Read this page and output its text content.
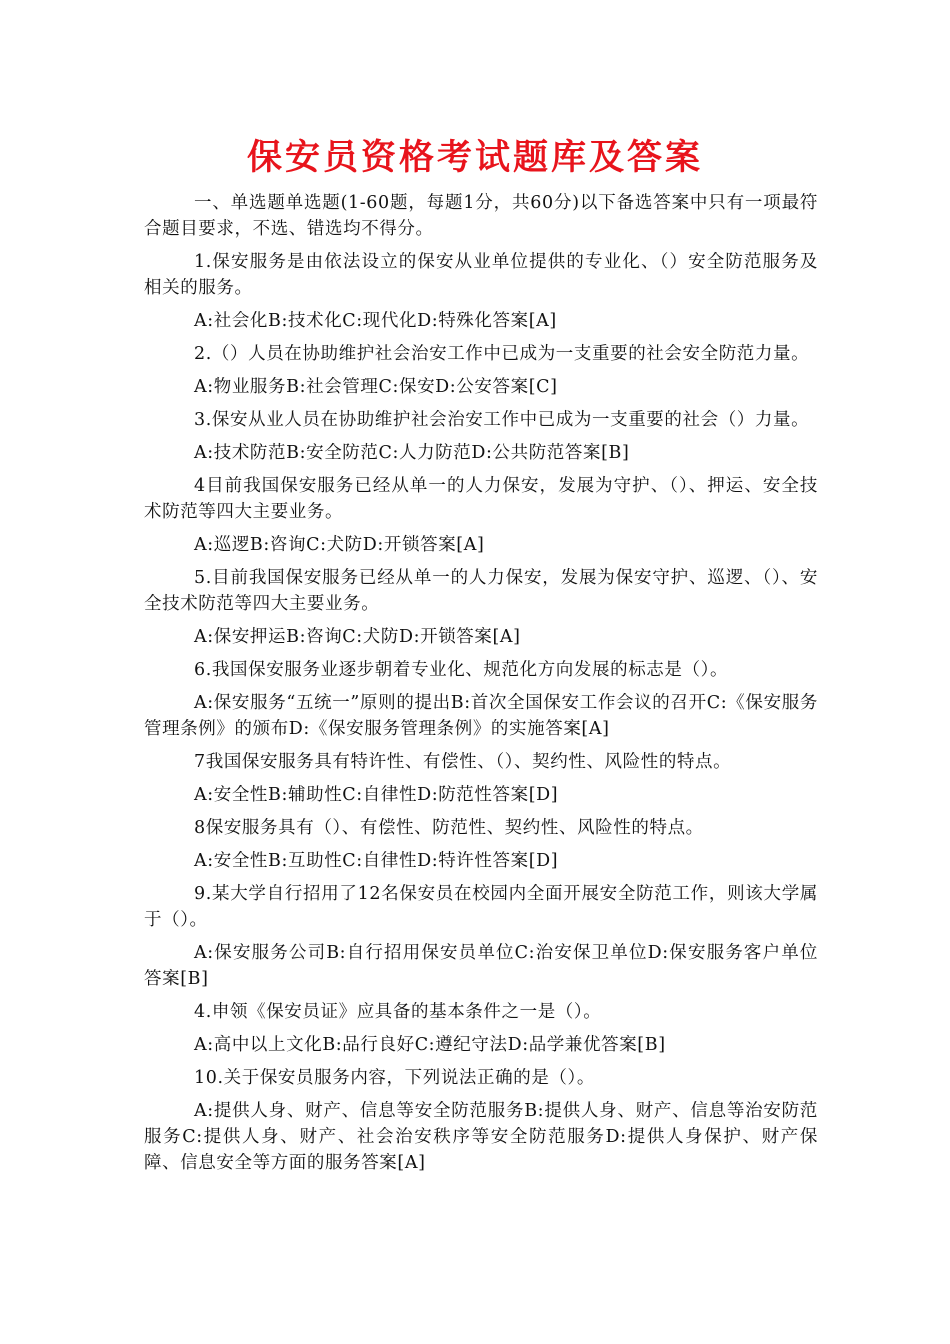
保安员资格考试题库及答案

一、单选题单选题(1-60题，每题1分，共60分)以下备选答案中只有一项最符合题目要求，不选、错选均不得分。

1.保安服务是由依法设立的保安从业单位提供的专业化、（）安全防范服务及相关的服务。

A:社会化B:技术化C:现代化D:特殊化答案[A]

2.（）人员在协助维护社会治安工作中已成为一支重要的社会安全防范力量。

A:物业服务B:社会管理C:保安D:公安答案[C]

3.保安从业人员在协助维护社会治安工作中已成为一支重要的社会（）力量。

A:技术防范B:安全防范C:人力防范D:公共防范答案[B]

4目前我国保安服务已经从单一的人力保安，发展为守护、（）、押运、安全技术防范等四大主要业务。

A:巡逻B:咨询C:犬防D:开锁答案[A]

5.目前我国保安服务已经从单一的人力保安，发展为保安守护、巡逻、（）、安全技术防范等四大主要业务。

A:保安押运B:咨询C:犬防D:开锁答案[A]

6.我国保安服务业逐步朝着专业化、规范化方向发展的标志是（）。

A:保安服务“五统一”原则的提出B:首次全国保安工作会议的召开C:《保安服务管理条例》的颁布D:《保安服务管理条例》的实施答案[A]

7我国保安服务具有特许性、有偿性、（）、契约性、风险性的特点。

A:安全性B:辅助性C:自律性D:防范性答案[D]

8保安服务具有（）、有偿性、防范性、契约性、风险性的特点。

A:安全性B:互助性C:自律性D:特许性答案[D]

9.某大学自行招用了12名保安员在校园内全面开展安全防范工作，则该大学属于（）。

A:保安服务公司B:自行招用保安员单位C:治安保卫单位D:保安服务客户单位答案[B]

4.申领《保安员证》应具备的基本条件之一是（）。

A:高中以上文化B:品行良好C:遵纪守法D:品学兼优答案[B]

10.关于保安员服务内容，下列说法正确的是（）。

A:提供人身、财产、信息等安全防范服务B:提供人身、财产、信息等治安防范服务C:提供人身、财产、社会治安秩序等安全防范服务D:提供人身保护、财产保障、信息安全等方面的服务答案[A]
